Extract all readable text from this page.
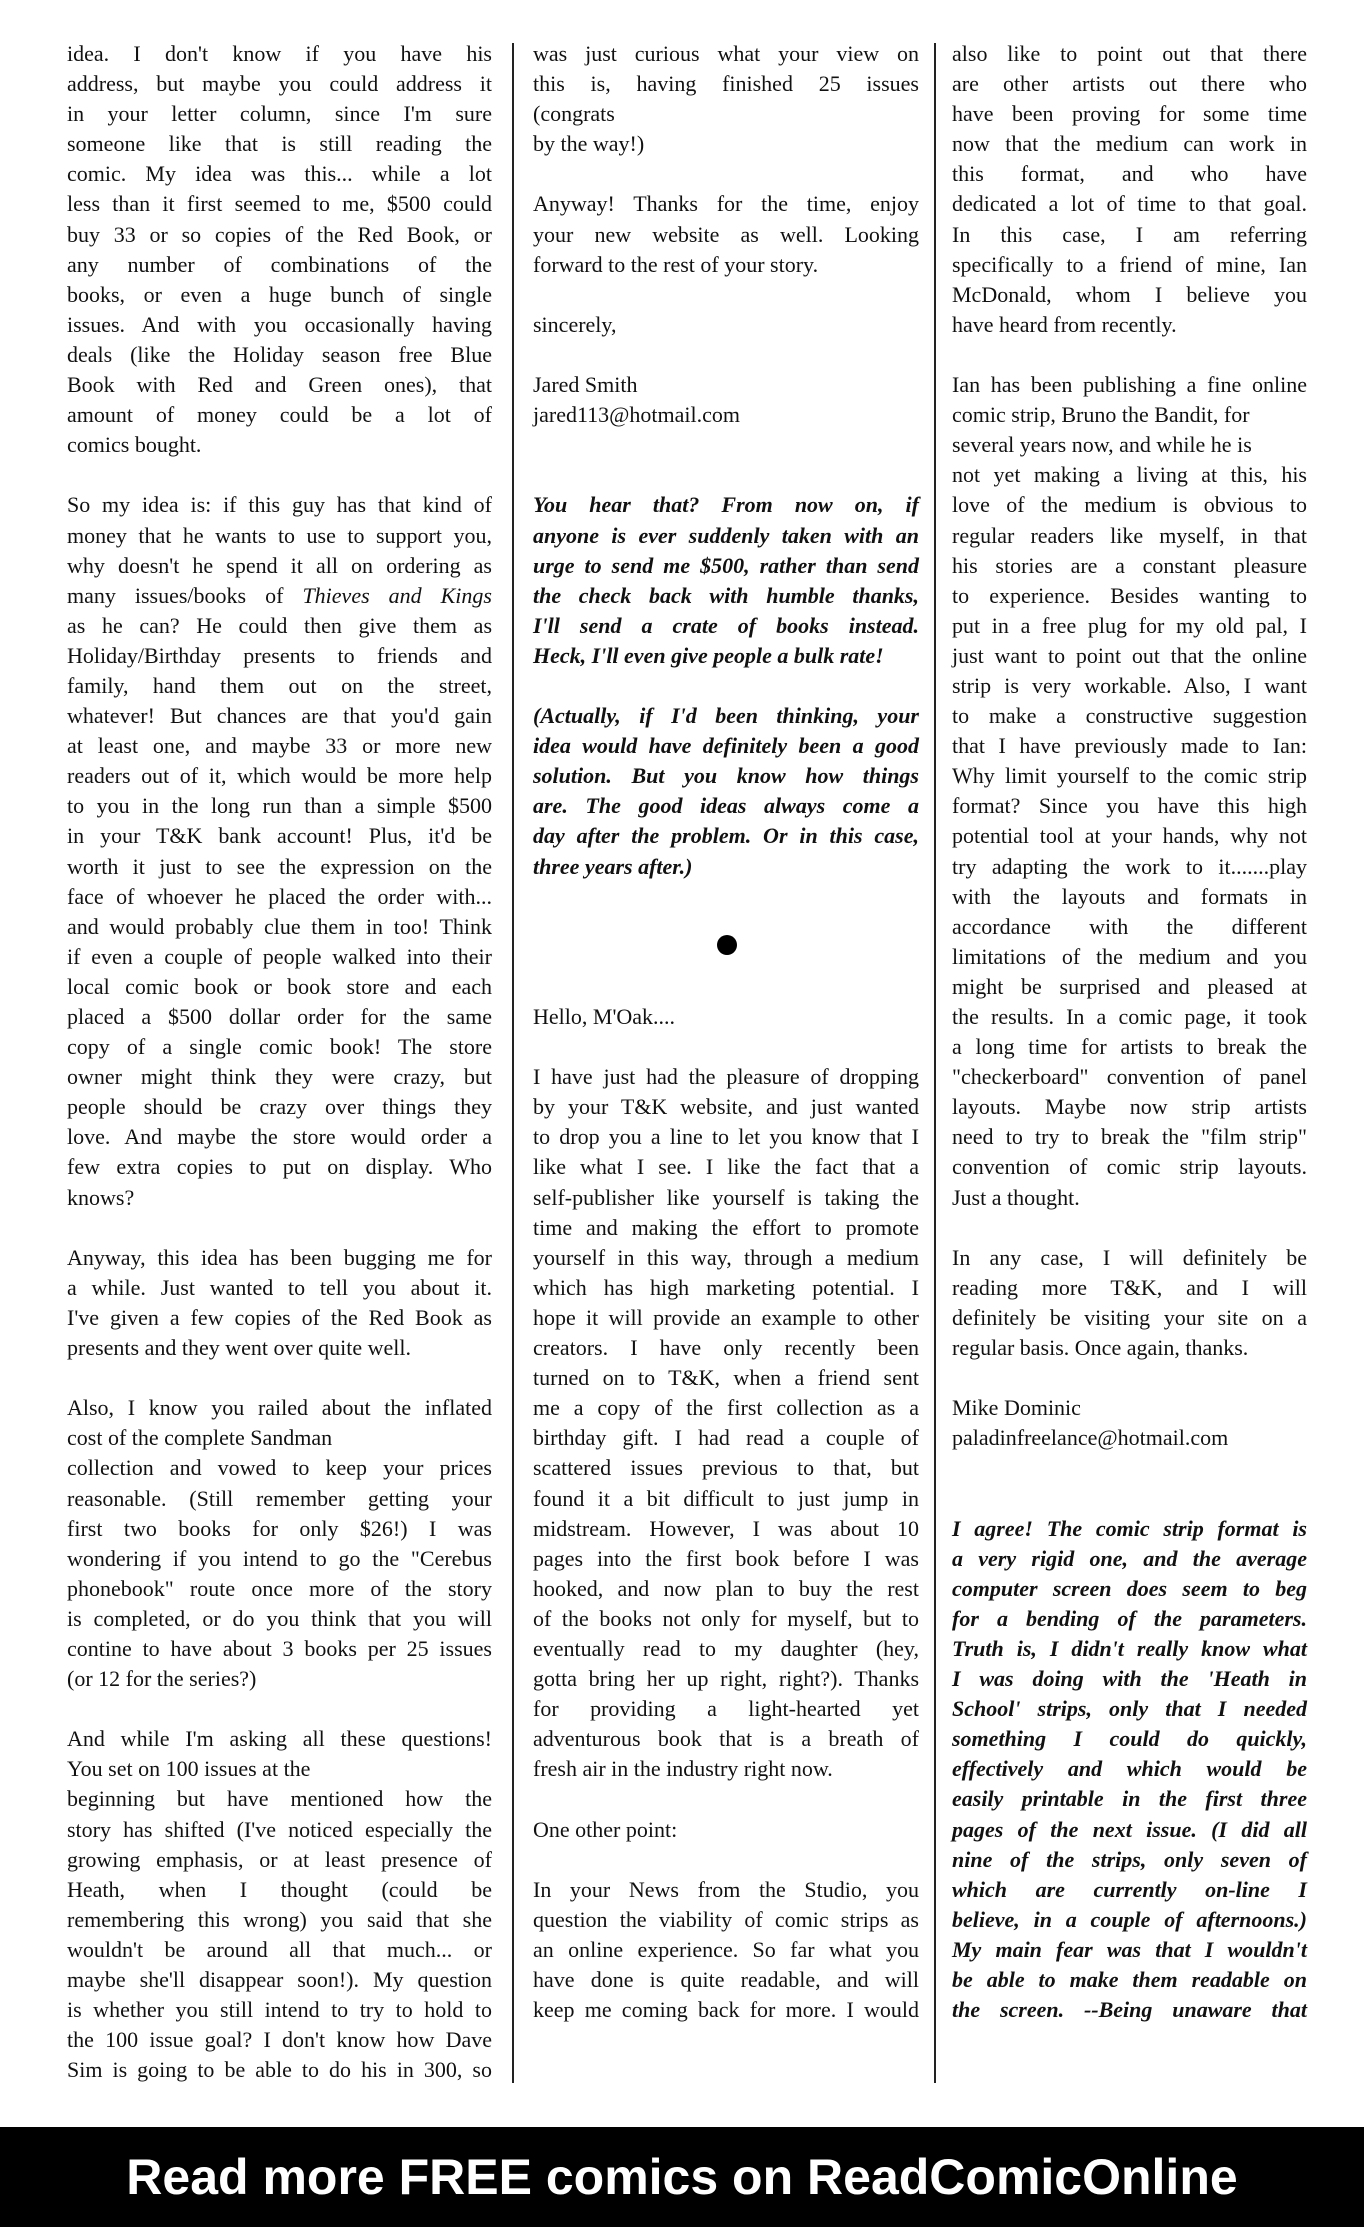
idea. I don't know if you have his
address, but maybe you could address it
in your letter column, since I'm sure
someone like that is still reading the
comic. My idea was this... while a lot
less than it first seemed to me, $500 could
buy 33 or so copies of the Red Book, or
any number of combinations of the
books, or even a huge bunch of single
issues. And with you occasionally having
deals (like the Holiday season free Blue
Book with Red and Green ones), that
amount of money could be a lot of
comics bought.
So my idea is: if this guy has that kind of
money that he wants to use to support you,
why doesn't he spend it all on ordering as
many issues/books of Thieves and Kings
as he can? He could then give them as
Holiday/Birthday presents to friends and
family, hand them out on the street,
whatever! But chances are that you'd gain
at least one, and maybe 33 or more new
readers out of it, which would be more help
to you in the long run than a simple $500
in your T&K bank account! Plus, it'd be
worth it just to see the expression on the
face of whoever he placed the order with...
and would probably clue them in too! Think
if even a couple of people walked into their
local comic book or book store and each
placed a $500 dollar order for the same
copy of a single comic book! The store
owner might think they were crazy, but
people should be crazy over things they
love. And maybe the store would order a
few extra copies to put on display. Who
knows?
Anyway, this idea has been bugging me for
a while. Just wanted to tell you about it.
I've given a few copies of the Red Book as
presents and they went over quite well.
Also, I know you railed about the inflated
cost of the complete Sandman
collection and vowed to keep your prices
reasonable. (Still remember getting your
first two books for only $26!) I was
wondering if you intend to go the "Cerebus
phonebook" route once more of the story
is completed, or do you think that you will
contine to have about 3 books per 25 issues
(or 12 for the series?)
And while I'm asking all these questions!
You set on 100 issues at the
beginning but have mentioned how the
story has shifted (I've noticed especially the
growing emphasis, or at least presence of
Heath, when I thought (could be
remembering this wrong) you said that she
wouldn't be around all that much... or
maybe she'll disappear soon!). My question
is whether you still intend to try to hold to
the 100 issue goal? I don't know how Dave
Sim is going to be able to do his in 300, so
was just curious what your view on
this is, having finished 25 issues
(congrats
by the way!)
Anyway! Thanks for the time, enjoy
your new website as well. Looking
forward to the rest of your story.
sincerely,
Jared Smith
jared113@hotmail.com
You hear that? From now on, if
anyone is ever suddenly taken with an
urge to send me $500, rather than send
the check back with humble thanks,
I'll send a crate of books instead.
Heck, I'll even give people a bulk rate!
(Actually, if I'd been thinking, your
idea would have definitely been a good
solution. But you know how things
are. The good ideas always come a
day after the problem. Or in this case,
three years after.)
Hello, M'Oak....
I have just had the pleasure of dropping
by your T&K website, and just wanted
to drop you a line to let you know that I
like what I see. I like the fact that a
self-publisher like yourself is taking the
time and making the effort to promote
yourself in this way, through a medium
which has high marketing potential. I
hope it will provide an example to other
creators. I have only recently been
turned on to T&K, when a friend sent
me a copy of the first collection as a
birthday gift. I had read a couple of
scattered issues previous to that, but
found it a bit difficult to just jump in
midstream. However, I was about 10
pages into the first book before I was
hooked, and now plan to buy the rest
of the books not only for myself, but to
eventually read to my daughter (hey,
gotta bring her up right, right?). Thanks
for providing a light-hearted yet
adventurous book that is a breath of
fresh air in the industry right now.
One other point:
In your News from the Studio, you
question the viability of comic strips as
an online experience. So far what you
have done is quite readable, and will
keep me coming back for more. I would
also like to point out that there
are other artists out there who
have been proving for some time
now that the medium can work in
this format, and who have
dedicated a lot of time to that goal.
In this case, I am referring
specifically to a friend of mine, Ian
McDonald, whom I believe you
have heard from recently.
Ian has been publishing a fine online
comic strip, Bruno the Bandit, for
several years now, and while he is
not yet making a living at this, his
love of the medium is obvious to
regular readers like myself, in that
his stories are a constant pleasure
to experience. Besides wanting to
put in a free plug for my old pal, I
just want to point out that the online
strip is very workable. Also, I want
to make a constructive suggestion
that I have previously made to Ian:
Why limit yourself to the comic strip
format? Since you have this high
potential tool at your hands, why not
try adapting the work to it.......play
with the layouts and formats in
accordance with the different
limitations of the medium and you
might be surprised and pleased at
the results. In a comic page, it took
a long time for artists to break the
"checkerboard" convention of panel
layouts. Maybe now strip artists
need to try to break the "film strip"
convention of comic strip layouts.
Just a thought.
In any case, I will definitely be
reading more T&K, and I will
definitely be visiting your site on a
regular basis. Once again, thanks.
Mike Dominic
paladinfreelance@hotmail.com
I agree! The comic strip format is
a very rigid one, and the average
computer screen does seem to beg
for a bending of the parameters.
Truth is, I didn't really know what
I was doing with the 'Heath in
School' strips, only that I needed
something I could do quickly,
effectively and which would be
easily printable in the first three
pages of the next issue. (I did all
nine of the strips, only seven of
which are currently on-line I
believe, in a couple of afternoons.)
My main fear was that I wouldn't
be able to make them readable on
the screen. --Being unaware that
Read more FREE comics on ReadComicOnline
